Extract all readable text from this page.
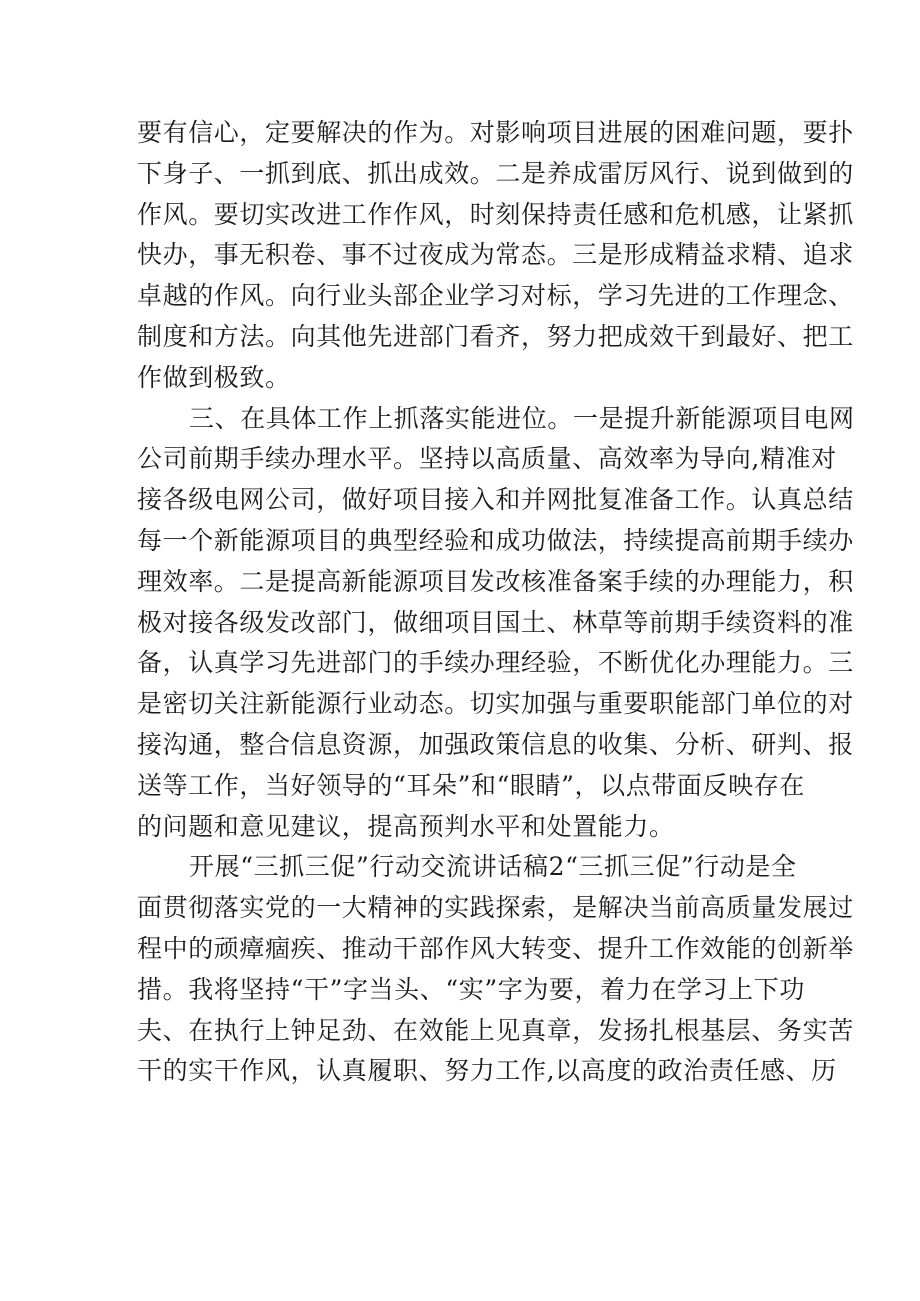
要有信心，定要解决的作为。对影响项目进展的困难问题，要扑
下身子、一抓到底、抓出成效。二是养成雷厉风行、说到做到的
作风。要切实改进工作作风，时刻保持责任感和危机感，让紧抓
快办，事无积卷、事不过夜成为常态。三是形成精益求精、追求
卓越的作风。向行业头部企业学习对标，学习先进的工作理念、
制度和方法。向其他先进部门看齐，努力把成效干到最好、把工
作做到极致。
三、在具体工作上抓落实能进位。一是提升新能源项目电网
公司前期手续办理水平。坚持以高质量、高效率为导向,精准对
接各级电网公司，做好项目接入和并网批复准备工作。认真总结
每一个新能源项目的典型经验和成功做法，持续提高前期手续办
理效率。二是提高新能源项目发改核准备案手续的办理能力，积
极对接各级发改部门，做细项目国土、林草等前期手续资料的准
备，认真学习先进部门的手续办理经验，不断优化办理能力。三
是密切关注新能源行业动态。切实加强与重要职能部门单位的对
接沟通，整合信息资源，加强政策信息的收集、分析、研判、报
送等工作，当好领导的“耳朵”和“眼睛”，以点带面反映存在
的问题和意见建议，提高预判水平和处置能力。
开展“三抓三促”行动交流讲话稿2“三抓三促”行动是全
面贯彻落实党的一大精神的实践探索，是解决当前高质量发展过
程中的顽瘴痼疾、推动干部作风大转变、提升工作效能的创新举
措。我将坚持“干”字当头、“实”字为要，着力在学习上下功
夫、在执行上钟足劲、在效能上见真章，发扬扎根基层、务实苦
干的实干作风，认真履职、努力工作,以高度的政治责任感、历
